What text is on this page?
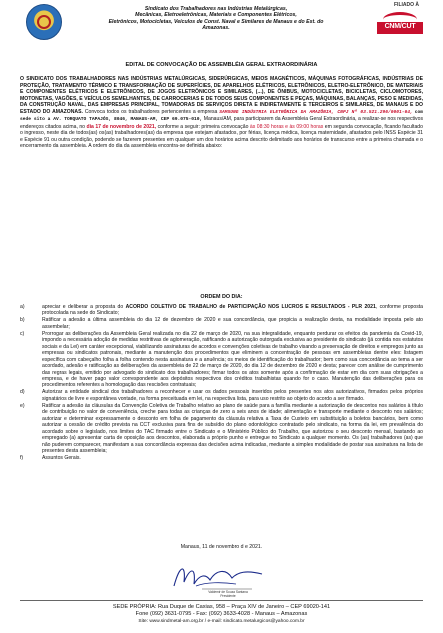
Sindicato dos Trabalhadores nas Indústrias Metalúrgicas,
Mecânicas, Eletroeletrônicas, Materiais e Componentes Elétricos,
Eletrônicos, Motocicletas, Veículos de Const. Naval e Similares de Manaus e do Est. do
Amazonas.
FILIADO À
CNM/CUT
EDITAL DE CONVOCAÇÃO DE ASSEMBLÉIA GERAL EXTRAORDINÁRIA
O SINDICATO DOS TRABALHADORES NAS INDÚSTRIAS METALÚRGICAS, SIDERÚRGICAS, MEIOS MAGNÉTICOS, MÁQUINAS FOTOGRÁFICAS, INDÚSTRIAS DE PROTEÇÃO, TRATAMENTO TÉRMICO E TRANSFORMAÇÃO DE SUPERFÍCIES, DE APARELHOS ELÉTRICOS, ELETRÔNICOS, ELETRO-ELETRÔNICO, DE MATERIAIS E COMPONENTES ELÉTRICOS E ELETRÔNICOS, DE JOGOS ELETRÔNICOS E SIMILARES, (...), DE ÔNIBUS, MOTOCICLETAS, BICICLETAS, CICLOMOTORES, MOTONETAS, VAGÕES, E VEÍCULOS SEMELHANTES, DE CARROCERIAS E DE TODOS SEUS COMPONENTES E PEÇAS, MÁQUINAS, BALANÇAS, PESO E MEDIDAS, DA CONSTRUÇÃO NAVAL, DAS EMPRESAS PRINCIPAL, TOMADORAS DE SERVIÇOS DIRETA E INDIRETAMENTE E TERCEIROS E SIMILARES, DE MANAUS E DO ESTADO DO AMAZONAS. Convoca todos os trabalhadores pertencentes a empresa SAMSUNG INDÚSTRIA ELETRÔNICA DA AMAZÔNIA, CNPJ Nº 03.521.296/0001-64, com sede sito a AV. TORQUATO TAPAJÓS, 8046, MANAUS-AM, CEP 69.075-010, Manaus/AM, para participarem da Assembleia Geral Extraordinária, a realizar-se nos respectivos endereços citados acima, no dia 17 de novembro de 2021, conforme a seguir: primeira convocação às 08:30 horas e às 09:00 horas em segunda convocação, ficando facultado o ingresso, neste dia de todos(as) os(as) trabalhadores(as) da empresa que estejam afastados, por férias, licença médica, licença maternidade, afastados pelo INSS Espécie 31 e Espécie 91 ou outra condição, podendo se fazerem presentes em qualquer um dos horários acima descrito delimitado aos horários de transcurso entre a primeira chamada e o encerramento da assembleia. A ordem do dia da assembleia encontra-se definida abaixo:
ORDEM DO DIA:
a)	apreciar e deliberar a proposta do ACORDO COLETIVO DE TRABALHO de PARTICIPAÇÃO NOS LUCROS E RESULTADOS - PLR 2021, conforme proposta protocolada na sede do Sindicato;
b)	Ratificar a adesão a última assembleia do dia 12 de dezembro de 2020 e sua concordância, que propicia a realização desta, na modalidade imposta pelo ato assembelar;
c)	Prorrogar as deliberações da Assembleia Geral realizada no dia 22 de março de 2020, na sua integralidade, enquanto perdurar os efeitos da pandemia da Covid-19, impondo a necessária adoção de medidas restritivas de aglomeração, ratificando a autorização outorgada exclusiva ao presidente do sindicato (já contida nos estatutos sociais e da Lei) em caráter excepcional, viabilizando assinaturas de acordos e convenções coletivas de trabalho visando a preservação de direitos e empregos junto as empresas ou sindicatos patronais, mediante a manutenção dos procedimentos que eliminem a concentração de pessoas em assembleias dentre eles: listagem específica com cabeçalho folha a folha contendo nesta assinatura e a anuência; os meios de identificação do trabalhador; bem como sua concordância ao tema a ser acordado, adesão e ratificação as deliberações da assembleia de 22 de março de 2020, do dia 12 de dezembro de 2020 e desta; parecer com análise de cumprimento das regras legais, emitido por advogado do sindicato dos trabalhadores; firmar todos os atos somente após a confirmação de estar em dia com suas obrigações a empresa, e de haver pago valor correspondente aos depósitos respectivos dos créditos trabalhistas quando for o caso. Manutenção das deliberações para os procedimentos referentes a homologação das rescisões contratuais;
d)	Autorizar a entidade sindical dos trabalhadores a reconhecer e usar os dados pessoais inseridos pelos presentes nos atos autorizativos, firmados pelos próprios signatários de livre e espontânea vontade, na forma preceituada em lei, na respectiva lista, para uso restrito ao objeto do acordo a ser firmado.
e)	Ratificar a adesão às cláusulas da Convenção Coletiva de Trabalho relativo ao plano de saúde para a família mediante a autorização de descontos nos salários à título de contribuição no valor de conveniência, creche para todas as crianças de zero a seis anos de idade; alimentação e transporte mediante o desconto nos salários; autorizar e determinar expressamente o desconto em folha de pagamento da cláusula relativa a Taxa de Custeio em substituição a boletos bancários, bem como autorizar a cessão de crédito prevista na CCT exclusiva para fins de subsídio do plano odontológico contratado pelo sindicato, na forma da lei, em prevalência do acordado sobre o legislado, nos limites do TAC firmado entre o Sindicato e o Ministério Público do Trabalho, que autorizou o seu desconto mensal, bastando ao empregado (a) apresentar carta de oposição aos descontos, elaborada a próprio punho e entregue no Sindicato a qualquer momento. Os (as) trabalhadores (as) que não puderem comparecer, manifestam a sua concordância expressa das decisões acima indicadas, mediante a simples modalidade de postar sua assinatura na lista de presentes desta assembleia;
f)	Assuntos Gerais.
Manaus, 11 de novembro d e 2021.
Valdemir de Souza Santana
Presidente
SEDE PRÓPRIA: Rua Duque de Caxias, 958 – Praça XIV de Janeiro – CEP 69020-141
Fone (092) 3631-0795 - Fax: (092) 3633-4028 - Manaus – Amazonas
Site: www.sindmetal-am.org.br / e-mail: sindicato.metalurgicos@yahoo.com.br
